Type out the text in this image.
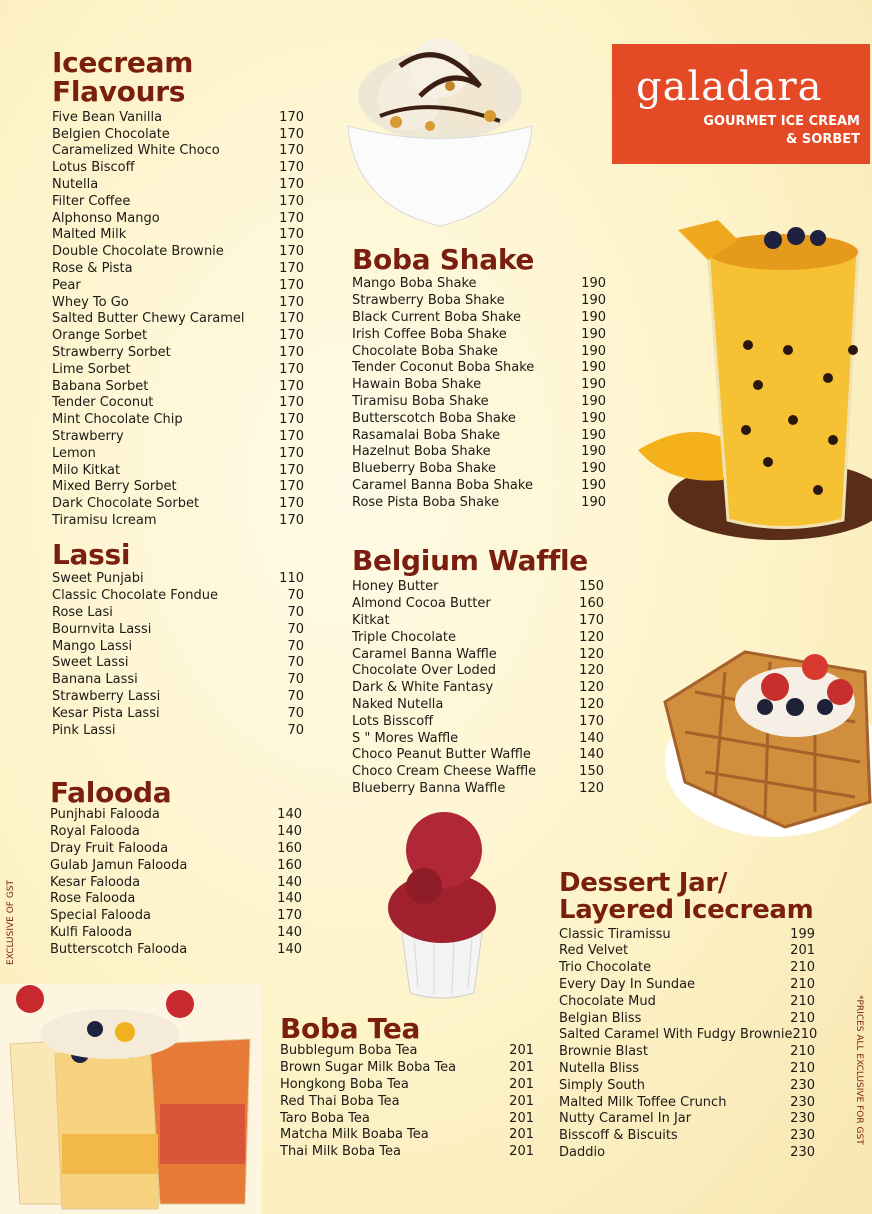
galadara
GOURMET ICE CREAM
& SORBET
Icecream Flavours
Five Bean Vanilla	170
Belgien Chocolate	170
Caramelized White Choco	170
Lotus Biscoff	170
Nutella	170
Filter Coffee	170
Alphonso Mango	170
Malted Milk	170
Double Chocolate Brownie	170
Rose & Pista	170
Pear	170
Whey To Go	170
Salted Butter Chewy Caramel	170
Orange Sorbet	170
Strawberry Sorbet	170
Lime Sorbet	170
Babana Sorbet	170
Tender Coconut	170
Mint Chocolate Chip	170
Strawberry	170
Lemon	170
Milo Kitkat	170
Mixed Berry Sorbet	170
Dark Chocolate Sorbet	170
Tiramisu Icream	170
Boba Shake
Mango Boba Shake	190
Strawberry Boba Shake	190
Black Current Boba Shake	190
Irish Coffee Boba Shake	190
Chocolate Boba Shake	190
Tender Coconut Boba Shake	190
Hawain Boba Shake	190
Tiramisu Boba Shake	190
Butterscotch Boba Shake	190
Rasamalai Boba Shake	190
Hazelnut Boba Shake	190
Blueberry Boba Shake	190
Caramel Banna Boba Shake	190
Rose Pista Boba Shake	190
Lassi
Sweet Punjabi	110
Classic Chocolate Fondue	70
Rose Lasi	70
Bournvita Lassi	70
Mango Lassi	70
Sweet Lassi	70
Banana Lassi	70
Strawberry Lassi	70
Kesar Pista Lassi	70
Pink Lassi	70
Belgium Waffle
Honey Butter	150
Almond Cocoa Butter	160
Kitkat	170
Triple Chocolate	120
Caramel Banna Waffle	120
Chocolate Over Loded	120
Dark & White Fantasy	120
Naked Nutella	120
Lots Bisscoff	170
S " Mores Waffle	140
Choco Peanut Butter Waffle	140
Choco Cream Cheese Waffle	150
Blueberry Banna Waffle	120
Falooda
Punjhabi Falooda	140
Royal Falooda	140
Dray Fruit Falooda	160
Gulab Jamun Falooda	160
Kesar Falooda	140
Rose Falooda	140
Special Falooda	170
Kulfi Falooda	140
Butterscotch Falooda	140
Dessert Jar/
Layered Icecream
Classic Tiramissu	199
Red Velvet	201
Trio Chocolate	210
Every Day In Sundae	210
Chocolate Mud	210
Belgian Bliss	210
Salted Caramel With Fudgy Brownie 210
Brownie Blast	210
Nutella Bliss	210
Simply South	230
Malted Milk Toffee Crunch	230
Nutty Caramel In Jar	230
Bisscoff & Biscuits	230
Daddio	230
Boba Tea
Bubblegum Boba Tea	201
Brown Sugar Milk Boba Tea	201
Hongkong Boba Tea	201
Red Thai Boba Tea	201
Taro Boba Tea	201
Matcha Milk Boaba Tea	201
Thai Milk Boba Tea	201
EXCLUSIVE OF GST
*PRICES ALL EXCLUSIVE FOR GST
